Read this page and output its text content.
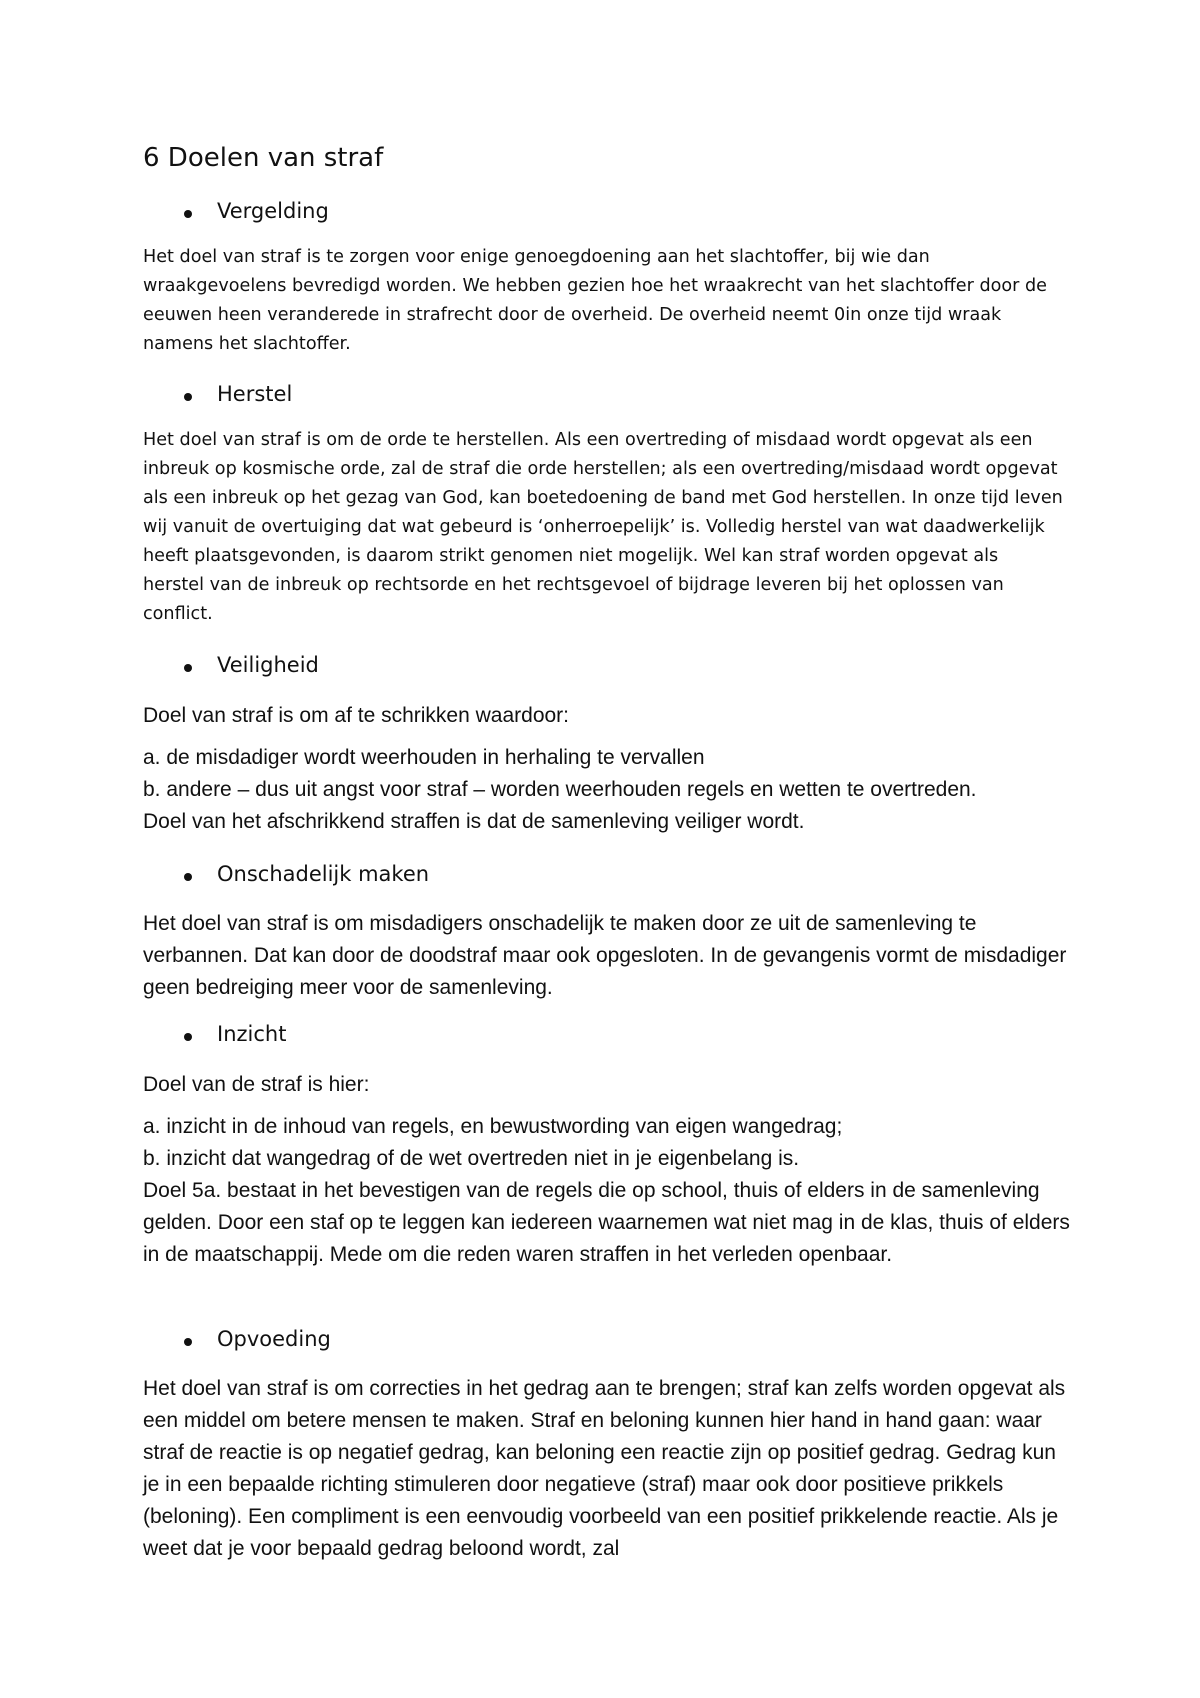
6 Doelen van straf
Vergelding

Het doel van straf is te zorgen voor enige genoegdoening aan het slachtoffer, bij wie dan wraakgevoelens bevredigd worden. We hebben gezien hoe het wraakrecht van het slachtoffer door de eeuwen heen veranderede in strafrecht door de overheid. De overheid neemt 0in onze tijd wraak namens het slachtoffer.

Herstel

Het doel van straf is om de orde te herstellen. Als een overtreding of misdaad wordt opgevat als een inbreuk op kosmische orde, zal de straf die orde herstellen; als een overtreding/misdaad wordt opgevat als een inbreuk op het gezag van God, kan boetedoening de band met God herstellen. In onze tijd leven wij vanuit de overtuiging dat wat gebeurd is ‘onherroepelijk’ is. Volledig herstel van wat daadwerkelijk heeft plaatsgevonden, is daarom strikt genomen niet mogelijk. Wel kan straf worden opgevat als herstel van de inbreuk op rechtsorde en het rechtsgevoel of bijdrage leveren bij het oplossen van conflict.

Veiligheid

Doel van straf is om af te schrikken waardoor:

a. de misdadiger wordt weerhouden in herhaling te vervallen

b. andere – dus uit angst voor straf – worden weerhouden regels en wetten te overtreden.

Doel van het afschrikkend straffen is dat de samenleving veiliger wordt.

Onschadelijk maken

Het doel van straf is om misdadigers onschadelijk te maken door ze uit de samenleving te verbannen. Dat kan door de doodstraf maar ook opgesloten. In de gevangenis vormt de misdadiger geen bedreiging meer voor de samenleving.

Inzicht

Doel van de straf is hier:

a. inzicht in de inhoud van regels, en bewustwording van eigen wangedrag;

b. inzicht dat wangedrag of de wet overtreden niet in je eigenbelang is.

Doel 5a. bestaat in het bevestigen van de regels die op school, thuis of elders in de samenleving gelden. Door een staf op te leggen kan iedereen waarnemen wat niet mag in de klas, thuis of elders in de maatschappij. Mede om die reden waren straffen in het verleden openbaar.

Opvoeding

Het doel van straf is om correcties in het gedrag aan te brengen; straf kan zelfs worden opgevat als een middel om betere mensen te maken. Straf en beloning kunnen hier hand in hand gaan: waar straf de reactie is op negatief gedrag, kan beloning een reactie zijn op positief gedrag. Gedrag kun je in een bepaalde richting stimuleren door negatieve (straf) maar ook door positieve prikkels (beloning). Een compliment is een eenvoudig voorbeeld van een positief prikkelende reactie. Als je weet dat je voor bepaald gedrag beloond wordt, zal
